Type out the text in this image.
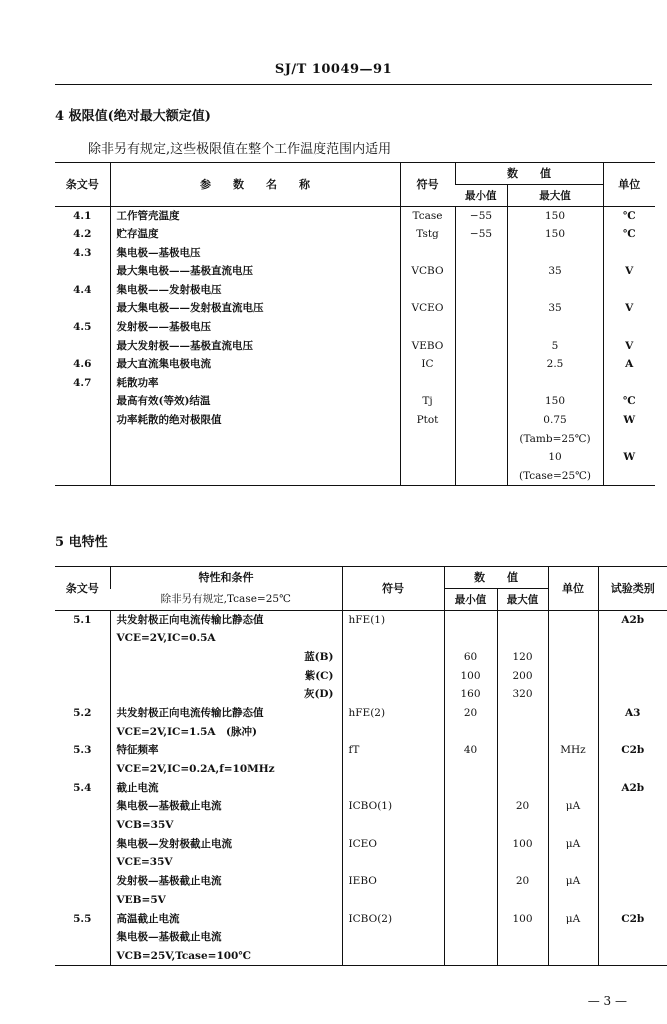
SJ/T 10049—91
4 极限值(绝对最大额定值)
除非另有规定,这些极限值在整个工作温度范围内适用
条文号	参　　数　　名　　称	符号	数　　值		单位
			最小值	最大值	
4.1	工作管壳温度	Tcase	−55	150	℃
4.2	贮存温度	Tstg	−55	150	℃
4.3	集电极—基极电压				
	最大集电极——基极直流电压	VCBO		35	V
4.4	集电极——发射极电压				
	最大集电极——发射极直流电压	VCEO		35	V
4.5	发射极——基极电压				
	最大发射极——基极直流电压	VEBO		5	V
4.6	最大直流集电极电流	IC		2.5	A
4.7	耗散功率				
	最高有效(等效)结温	Tj		150	℃
	功率耗散的绝对极限值	Ptot		0.75	W
				(Tamb=25℃)	
				10	W
				(Tcase=25℃)	
5 电特性
条文号	特性和条件	符号	数　　值		单位	试验类别
	除非另有规定,Tcase=25℃		最小值	最大值		
5.1	共发射极正向电流传输比静态值	hFE(1)				A2b
	VCE=2V,IC=0.5A					
	蓝(B)		60	120		
	紫(C)		100	200		
	灰(D)		160	320		
5.2	共发射极正向电流传输比静态值	hFE(2)	20			A3
	VCE=2V,IC=1.5A　(脉冲)					
5.3	特征频率	fT	40		MHz	C2b
	VCE=2V,IC=0.2A,f=10MHz					
5.4	截止电流					A2b
	集电极—基极截止电流	ICBO(1)		20	μA	
	VCB=35V					
	集电极—发射极截止电流	ICEO		100	μA	
	VCE=35V					
	发射极—基极截止电流	IEBO		20	μA	
	VEB=5V					
5.5	高温截止电流	ICBO(2)		100	μA	C2b
	集电极—基极截止电流					
	VCB=25V,Tcase=100℃					
— 3 —
